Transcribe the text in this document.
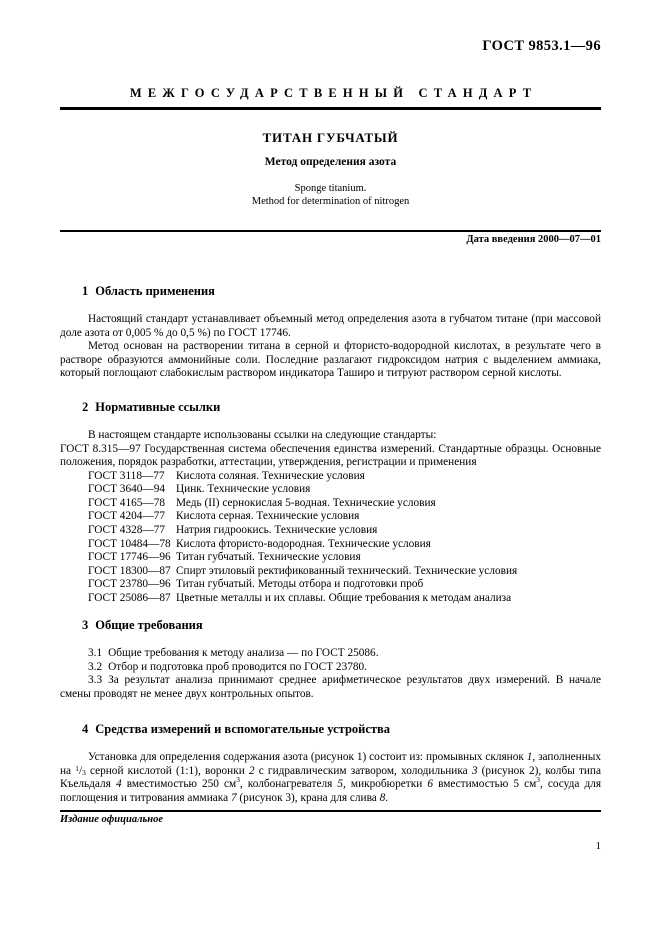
ГОСТ 9853.1—96
МЕЖГОСУДАРСТВЕННЫЙ СТАНДАРТ
ТИТАН ГУБЧАТЫЙ
Метод определения азота
Sponge titanium.
Method for determination of nitrogen
Дата введения 2000—07—01
1 Область применения

Настоящий стандарт устанавливает объемный метод определения азота в губчатом титане (при массовой доле азота от 0,005 % до 0,5 %) по ГОСТ 17746.

Метод основан на растворении титана в серной и фтористо-водородной кислотах, в результате чего в растворе образуются аммонийные соли. Последние разлагают гидроксидом натрия с выделением аммиака, который поглощают слабокислым раствором индикатора Таширо и титруют раствором серной кислоты.

2 Нормативные ссылки

В настоящем стандарте использованы ссылки на следующие стандарты:

ГОСТ 8.315—97 Государственная система обеспечения единства измерений. Стандартные образцы. Основные положения, порядок разработки, аттестации, утверждения, регистрации и применения

ГОСТ 3118—77 Кислота соляная. Технические условия
ГОСТ 3640—94 Цинк. Технические условия
ГОСТ 4165—78 Медь (II) сернокислая 5-водная. Технические условия
ГОСТ 4204—77 Кислота серная. Технические условия
ГОСТ 4328—77 Натрия гидроокись. Технические условия
ГОСТ 10484—78 Кислота фтористо-водородная. Технические условия
ГОСТ 17746—96 Титан губчатый. Технические условия
ГОСТ 18300—87 Спирт этиловый ректификованный технический. Технические условия
ГОСТ 23780—96 Титан губчатый. Методы отбора и подготовки проб
ГОСТ 25086—87 Цветные металлы и их сплавы. Общие требования к методам анализа
3 Общие требования
3.1 Общие требования к методу анализа — по ГОСТ 25086.
3.2 Отбор и подготовка проб проводится по ГОСТ 23780.
3.3 За результат анализа принимают среднее арифметическое результатов двух измерений. В начале смены проводят не менее двух контрольных опытов.
4 Средства измерений и вспомогательные устройства

Установка для определения содержания азота (рисунок 1) состоит из: промывных склянок 1, заполненных на $^1/_3$ серной кислотой (1:1), воронки 2 с гидравлическим затвором, холодильника 3 (рисунок 2), колбы типа Къельдаля 4 вместимостью 250 $см^3$, колбонагревателя 5, микробюретки 6 вместимостью 5 $см^3$, сосуда для поглощения и титрования аммиака 7 (рисунок 3), крана для слива 8.

Издание официальное
1
